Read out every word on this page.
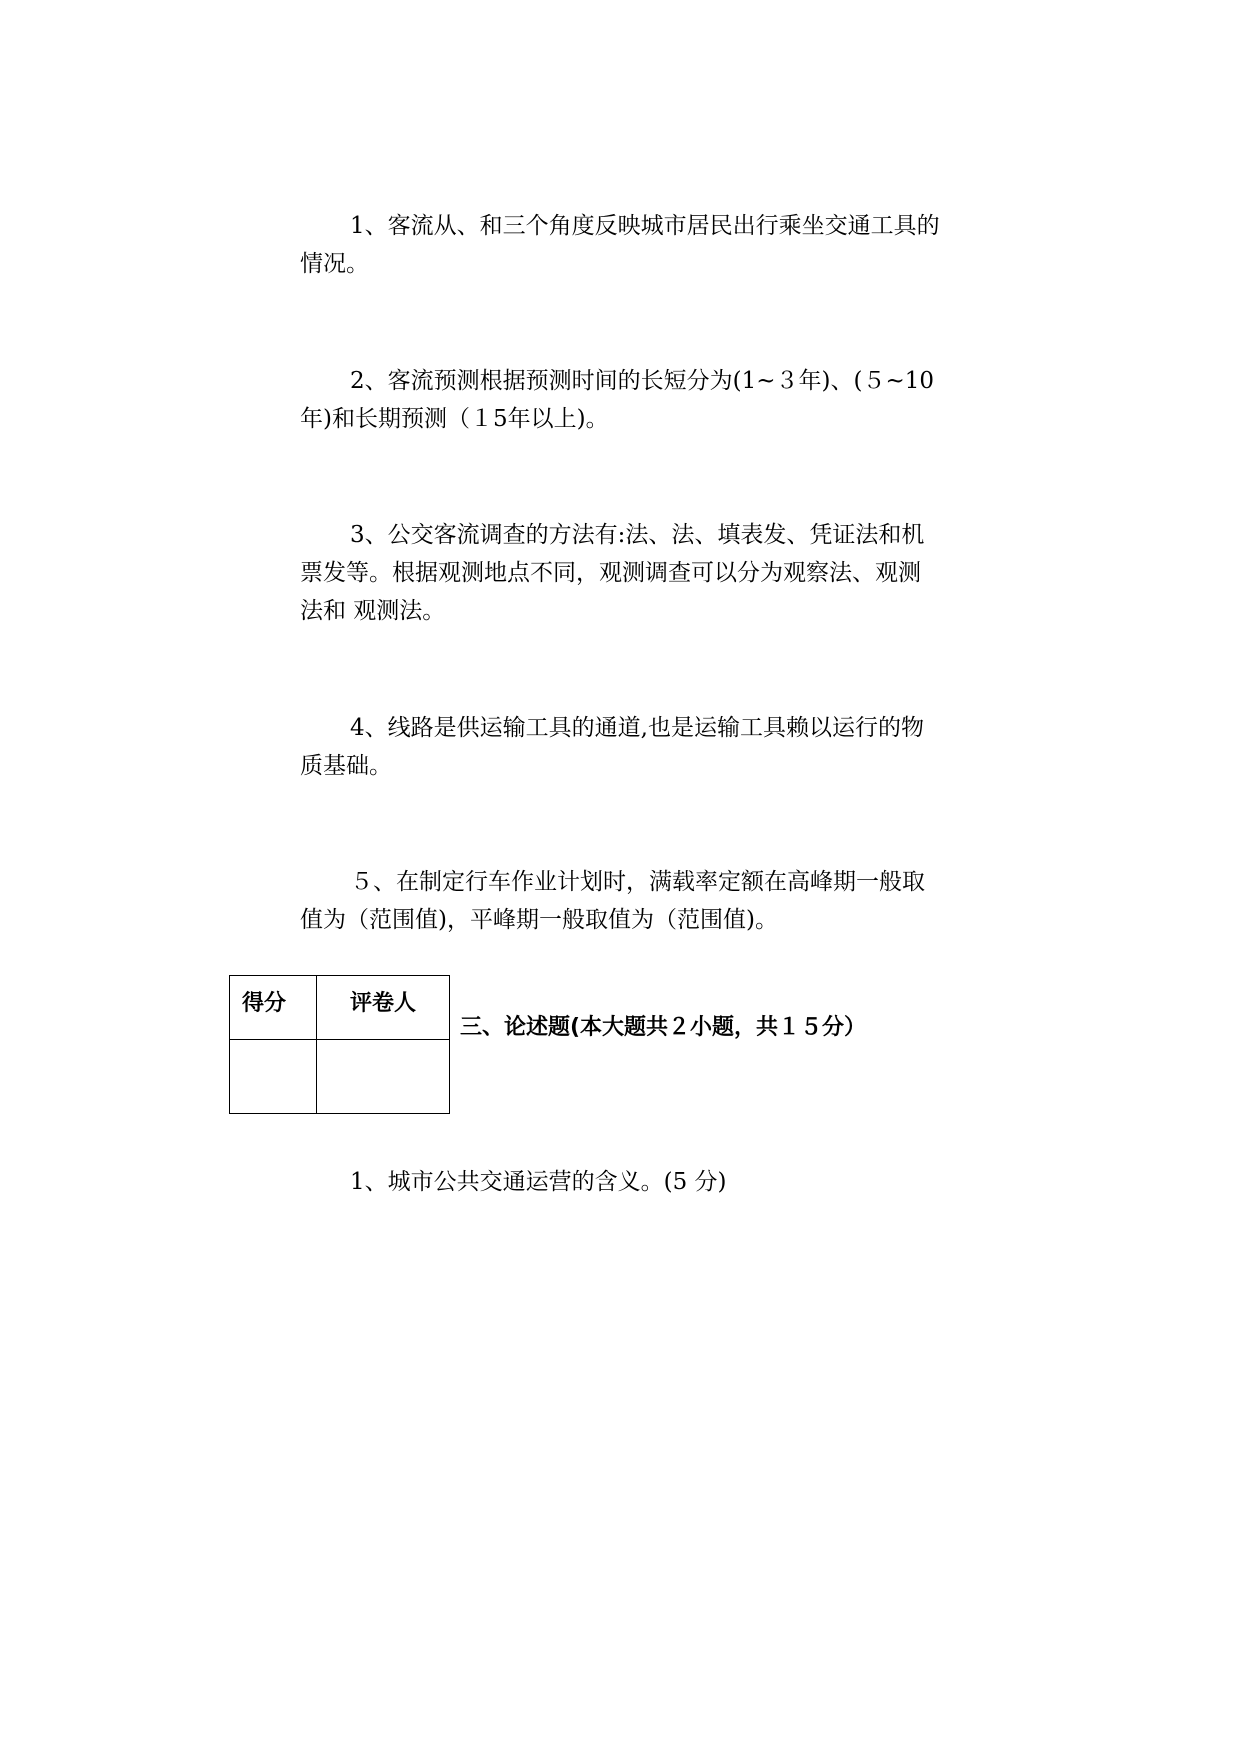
1、客流从、和三个角度反映城市居民出行乘坐交通工具的情况。

2、客流预测根据预测时间的长短分为(1~３年)、(５~10年)和长期预测（１5年以上)。

3、公交客流调查的方法有:法、法、填表发、凭证法和机票发等。根据观测地点不同，观测调查可以分为观察法、观测法和 观测法。

4、线路是供运输工具的通道,也是运输工具赖以运行的物质基础。

５、在制定行车作业计划时，满载率定额在高峰期一般取值为（范围值)，平峰期一般取值为（范围值)。

得分	评卷人

三、论述题(本大题共２小题，共１５分）

1、城市公共交通运营的含义。(5 分)
